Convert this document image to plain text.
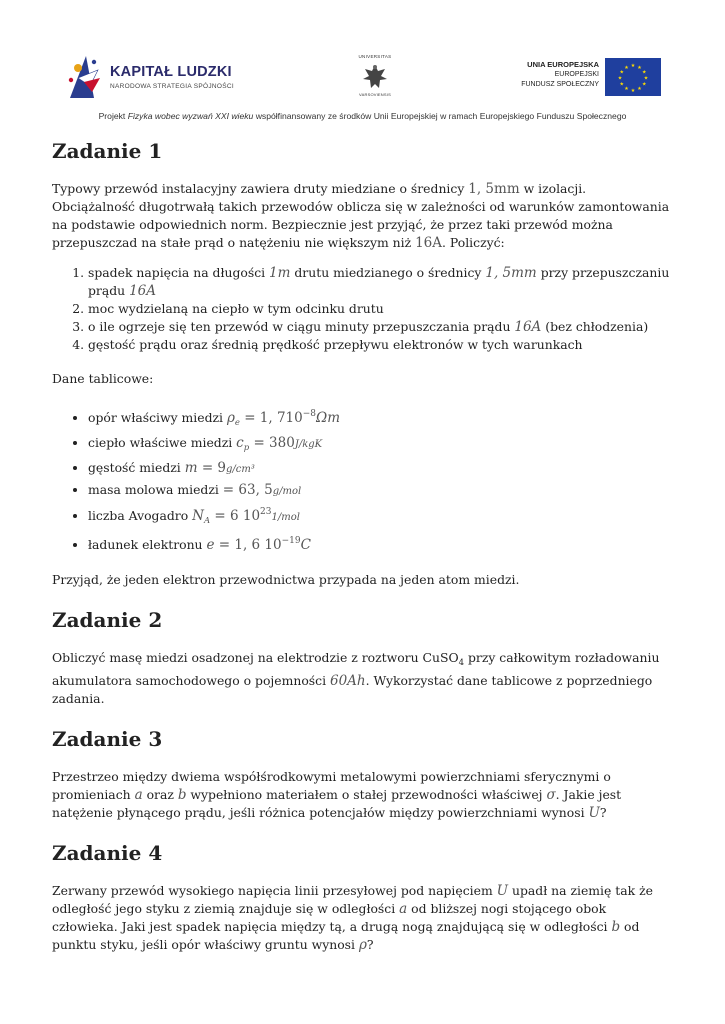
KAPITAŁ LUDZKI
NARODOWA STRATEGIA SPÓJNOŚCI
UNIVERSITAS
VARSOVIENSIS
UNIA EUROPEJSKA
EUROPEJSKI
FUNDUSZ SPOŁECZNY
★ ★
★
★
★
★
★
★
★
★
★
★
Projekt Fizyka wobec wyzwań XXI wieku współfinansowany ze środków Unii Europejskiej w ramach Europejskiego Funduszu Społecznego
Zadanie 1

Typowy przewód instalacyjny zawiera druty miedziane o średnicy 1, 5mm w izolacji. Obciążalność długotrwałą takich przewodów oblicza się w zależności od warunków zamontowania na podstawie odpowiednich norm. Bezpiecznie jest przyjąć, że przez taki przewód można przepuszczad na stałe prąd o natężeniu nie większym niż 16A. Policzyć:

1. spadek napięcia na długości 1m drutu miedzianego o średnicy 1, 5mm przy przepuszczaniu prądu 16A
2. moc wydzielaną na ciepło w tym odcinku drutu
3. o ile ogrzeje się ten przewód w ciągu minuty przepuszczania prądu 16A (bez chłodzenia)
4. gęstość prądu oraz średnią prędkość przepływu elektronów w tych warunkach

Dane tablicowe:

• opór właściwy miedzi $\rho_e = 1$, $710^{-8}\Omega m$
• ciepło właściwe miedzi $c_p = 380J/kgK$
• gęstość miedzi m = 9g/cm³
• masa molowa miedzi = 63, 5g/mol
• liczba Avogadro $N_A = 6$ $10^{23}1$/mol
• ładunek elektronu e = 1, 6 $10^{-19}C$

Przyjąd, że jeden elektron przewodnictwa przypada na jeden atom miedzi.

Zadanie 2

Obliczyć masę miedzi osadzonej na elektrodzie z roztworu CuSO$_4$ przy całkowitym rozładowaniu akumulatora samochodowego o pojemności 60Ah. Wykorzystać dane tablicowe z poprzedniego zadania.

Zadanie 3

Przestrzeo między dwiema współśrodkowymi metalowymi powierzchniami sferycznymi o promieniach a oraz b wypełniono materiałem o stałej przewodności właściwej σ. Jakie jest natężenie płynącego prądu, jeśli różnica potencjałów między powierzchniami wynosi U?

Zadanie 4

Zerwany przewód wysokiego napięcia linii przesyłowej pod napięciem U upadł na ziemię tak że odległość jego styku z ziemią znajduje się w odległości a od bliższej nogi stojącego obok człowieka. Jaki jest spadek napięcia między tą, a drugą nogą znajdującą się w odległości b od punktu styku, jeśli opór właściwy gruntu wynosi ρ?
